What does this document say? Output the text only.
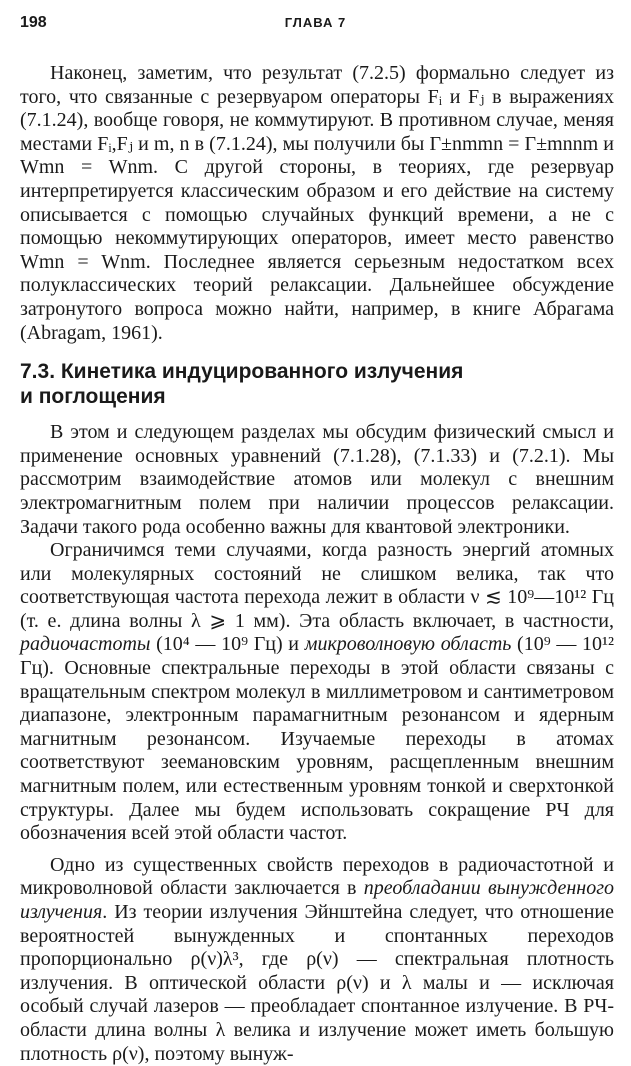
198	ГЛАВА 7

Наконец, заметим, что результат (7.2.5) формально следует из того, что связанные с резервуаром операторы Fᵢ и Fⱼ в выражениях (7.1.24), вообще говоря, не коммутируют. В противном случае, меняя местами Fᵢ,Fⱼ и m, n в (7.1.24), мы получили бы Γ±nmmn = Γ±mnnm и Wmn = Wnm. С другой стороны, в теориях, где резервуар интерпретируется классическим образом и его действие на систему описывается с помощью случайных функций времени, а не с помощью некоммутирующих операторов, имеет место равенство Wmn = Wnm. Последнее является серьезным недостатком всех полуклассических теорий релаксации. Дальнейшее обсуждение затронутого вопроса можно найти, например, в книге Абрагама (Abragam, 1961).

7.3. Кинетика индуцированного излучения
и поглощения

В этом и следующем разделах мы обсудим физический смысл и применение основных уравнений (7.1.28), (7.1.33) и (7.2.1). Мы рассмотрим взаимодействие атомов или молекул с внешним электромагнитным полем при наличии процессов релаксации. Задачи такого рода особенно важны для квантовой электроники.

Ограничимся теми случаями, когда разность энергий атомных или молекулярных состояний не слишком велика, так что соответствующая частота перехода лежит в области ν ≲ 10⁹—10¹² Гц (т. е. длина волны λ ⩾ 1 мм). Эта область включает, в частности, радиочастоты (10⁴ — 10⁹ Гц) и микроволновую область (10⁹ — 10¹² Гц). Основные спектральные переходы в этой области связаны с вращательным спектром молекул в миллиметровом и сантиметровом диапазоне, электронным парамагнитным резонансом и ядерным магнитным резонансом. Изучаемые переходы в атомах соответствуют зеемановским уровням, расщепленным внешним магнитным полем, или естественным уровням тонкой и сверхтонкой структуры. Далее мы будем использовать сокращение РЧ для обозначения всей этой области частот.

Одно из существенных свойств переходов в радиочастотной и микроволновой области заключается в преобладании вынужденного излучения. Из теории излучения Эйнштейна следует, что отношение вероятностей вынужденных и спонтанных переходов пропорционально ρ(ν)λ³, где ρ(ν) — спектральная плотность излучения. В оптической области ρ(ν) и λ малы и — исключая особый случай лазеров — преобладает спонтанное излучение. В РЧ-области длина волны λ велика и излучение может иметь большую плотность ρ(ν), поэтому вынуж-
